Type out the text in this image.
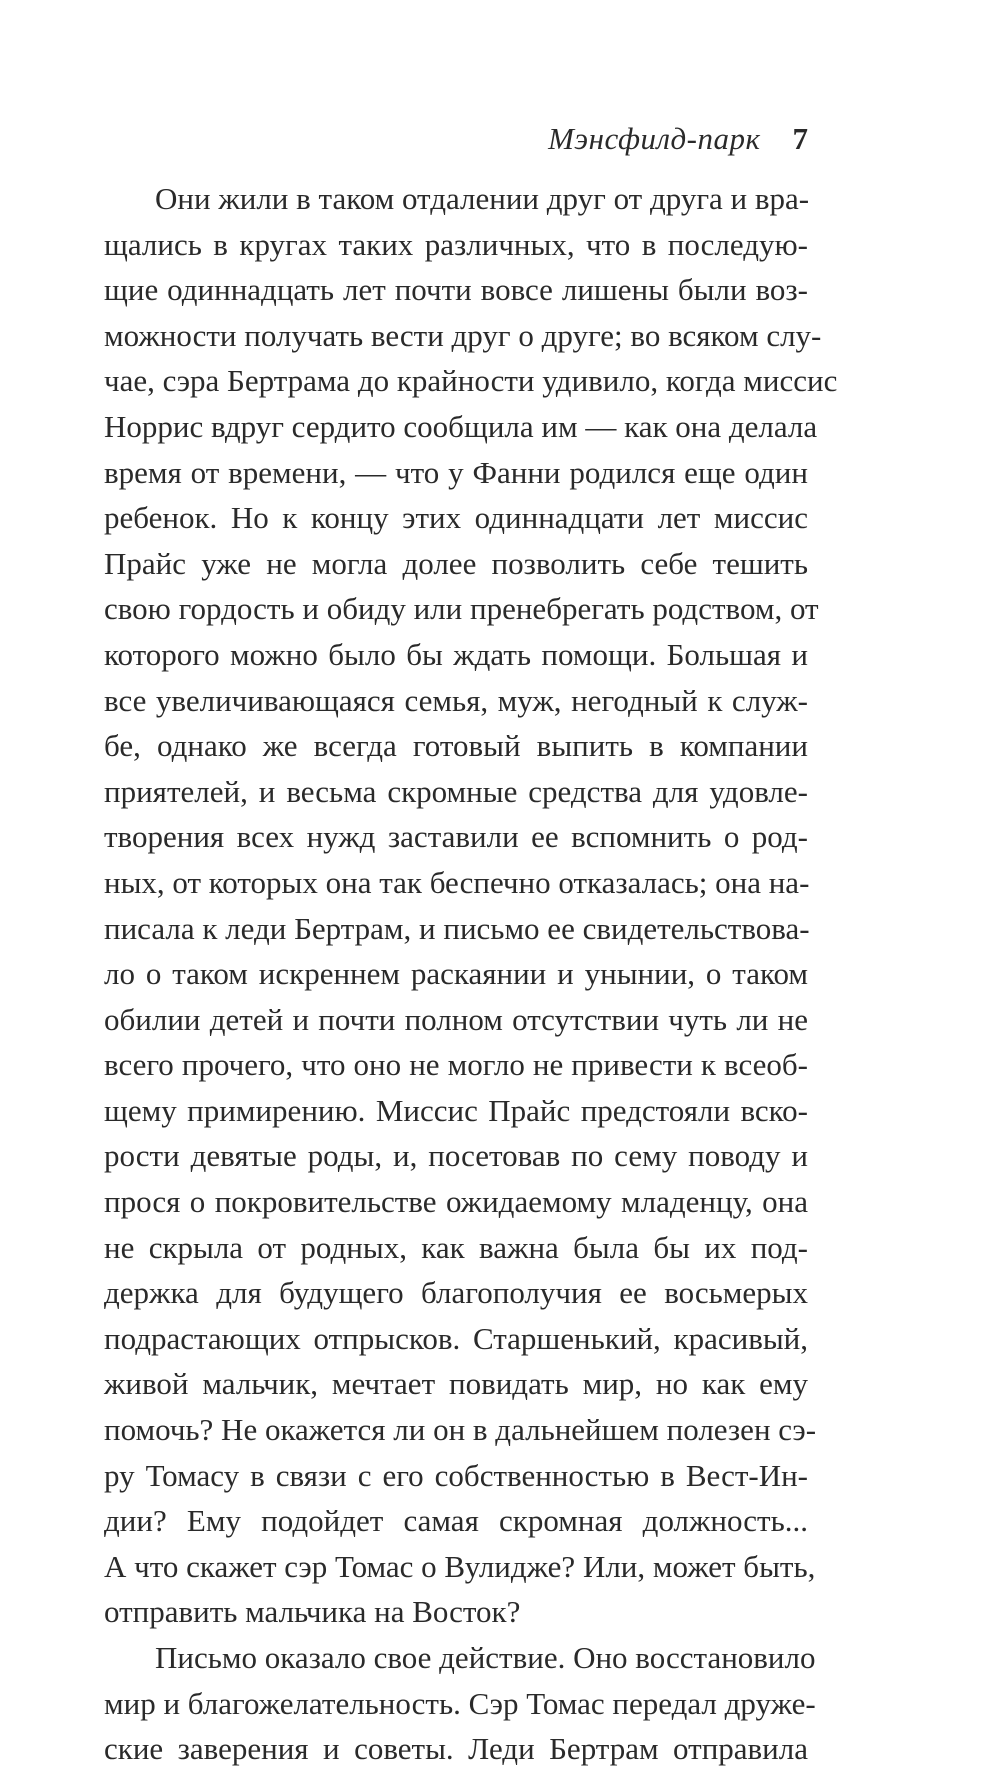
Мэнсфилд-парк 7
Они жили в таком отдалении друг от друга и вра-
щались в кругах таких различных, что в последую-
щие одиннадцать лет почти вовсе лишены были воз-
можности получать вести друг о друге; во всяком слу-
чае, сэра Бертрама до крайности удивило, когда миссис
Норрис вдруг сердито сообщила им — как она делала
время от времени, — что у Фанни родился еще один
ребенок. Но к концу этих одиннадцати лет миссис
Прайс уже не могла долее позволить себе тешить
свою гордость и обиду или пренебрегать родством, от
которого можно было бы ждать помощи. Большая и
все увеличивающаяся семья, муж, негодный к служ-
бе, однако же всегда готовый выпить в компании
приятелей, и весьма скромные средства для удовле-
творения всех нужд заставили ее вспомнить о род-
ных, от которых она так беспечно отказалась; она на-
писала к леди Бертрам, и письмо ее свидетельствова-
ло о таком искреннем раскаянии и унынии, о таком
обилии детей и почти полном отсутствии чуть ли не
всего прочего, что оно не могло не привести к всеоб-
щему примирению. Миссис Прайс предстояли вско-
рости девятые роды, и, посетовав по сему поводу и
прося о покровительстве ожидаемому младенцу, она
не скрыла от родных, как важна была бы их под-
держка для будущего благополучия ее восьмерых
подрастающих отпрысков. Старшенький, красивый,
живой мальчик, мечтает повидать мир, но как ему
помочь? Не окажется ли он в дальнейшем полезен сэ-
ру Томасу в связи с его собственностью в Вест-Ин-
дии? Ему подойдет самая скромная должность...
А что скажет сэр Томас о Вулидже? Или, может быть,
отправить мальчика на Восток?
Письмо оказало свое действие. Оно восстановило
мир и благожелательность. Сэр Томас передал друже-
ские заверения и советы. Леди Бертрам отправила
